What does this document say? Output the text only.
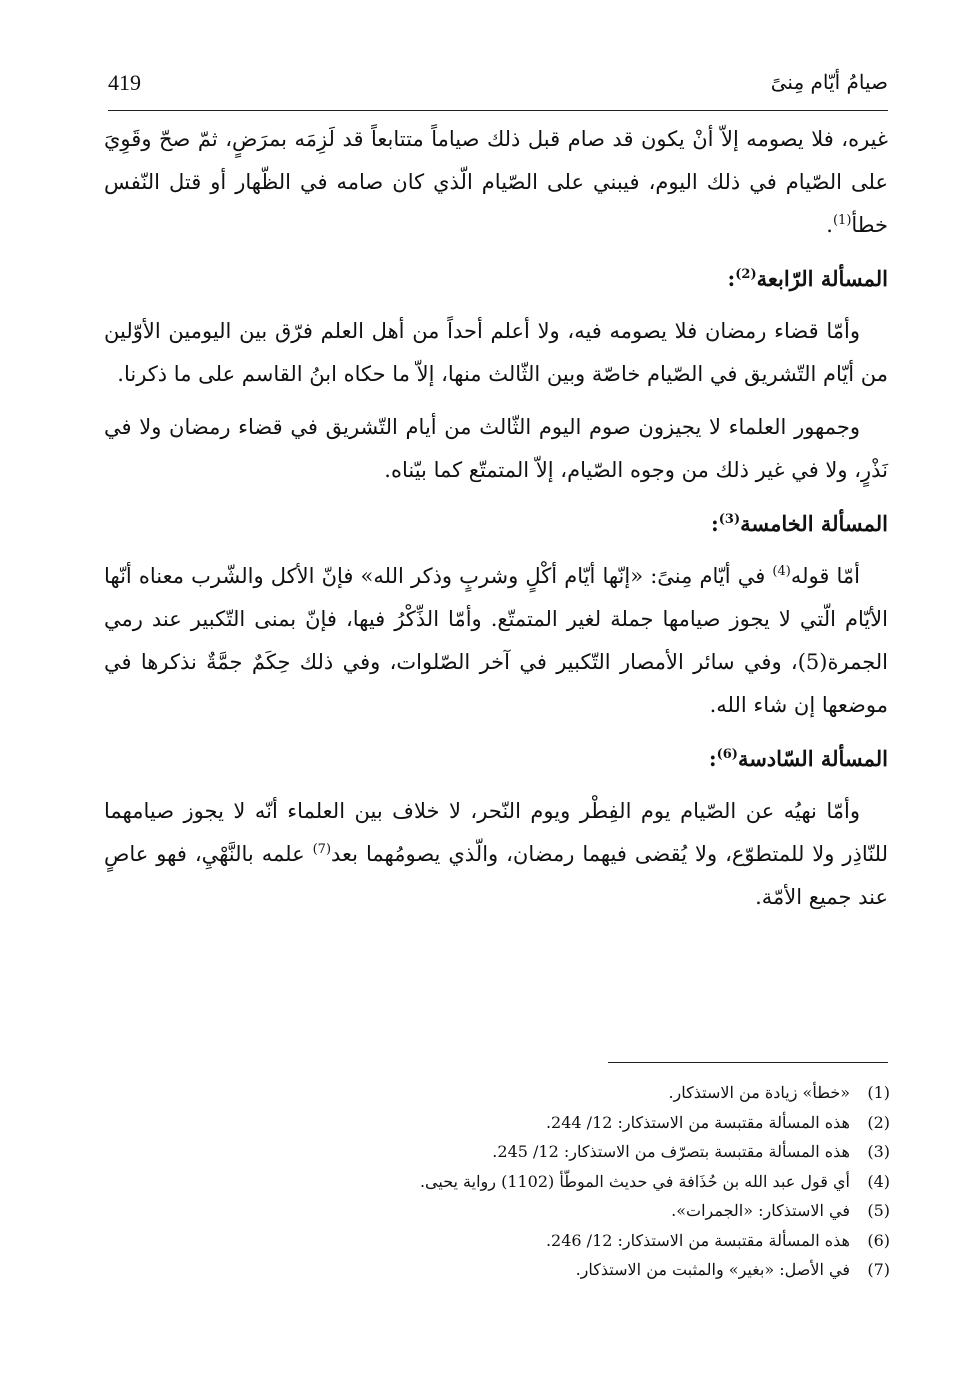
419	صيامُ أيّام مِنىً

غيره، فلا يصومه إلاّ أنْ يكون قد صام قبل ذلك صياماً متتابعاً قد لَزِمَه بمرَضٍ، ثمّ صحّ وقَوِيَ على الصّيام في ذلك اليوم، فيبني على الصّيام الّذي كان صامه في الظّهار أو قتل النّفس خطأ$^{(1)}$.

المسألة الرّابعة$^{(2)}$:

وأمّا قضاء رمضان فلا يصومه فيه، ولا أعلم أحداً من أهل العلم فرّق بين اليومين الأوّلين من أيّام التّشريق في الصّيام خاصّة وبين الثّالث منها، إلاّ ما حكاه ابنُ القاسم على ما ذكرنا.

وجمهور العلماء لا يجيزون صوم اليوم الثّالث من أيام التّشريق في قضاء رمضان ولا في نَذْرٍ، ولا في غير ذلك من وجوه الصّيام، إلاّ المتمتّع كما بيّناه.

المسألة الخامسة$^{(3)}$:

أمّا قوله$^{(4)}$ في أيّام مِنىً: «إنّها أيّام أكْلٍ وشربٍ وذكر الله» فإنّ الأكل والشّرب معناه أنّها الأيّام الّتي لا يجوز صيامها جملة لغير المتمتّع. وأمّا الذِّكْرُ فيها، فإنّ بمنى التّكبير عند رمي الجمرة(5)، وفي سائر الأمصار التّكبير في آخر الصّلوات، وفي ذلك حِكَمٌ جمَّةٌ نذكرها في موضعها إن شاء الله.

المسألة السّادسة$^{(6)}$:

وأمّا نهيُه عن الصّيام يوم الفِطْر ويوم النّحر، لا خلاف بين العلماء أنّه لا يجوز صيامهما للنّاذِر ولا للمتطوّع، ولا يُقضى فيهما رمضان، والّذي يصومُهما بعد$^{(7)}$ علمه بالنَّهْيِ، فهو عاصٍ عند جميع الأمّة.

(1)«خطأ» زيادة من الاستذكار.
(2)هذه المسألة مقتبسة من الاستذكار: 12/ 244.
(3)هذه المسألة مقتبسة بتصرّف من الاستذكار: 12/ 245.
(4)أي قول عبد الله بن حُذَافة في حديث الموطّأ (1102) رواية يحيى.
(5)في الاستذكار: «الجمرات».
(6)هذه المسألة مقتبسة من الاستذكار: 12/ 246.
(7)في الأصل: «بغير» والمثبت من الاستذكار.
